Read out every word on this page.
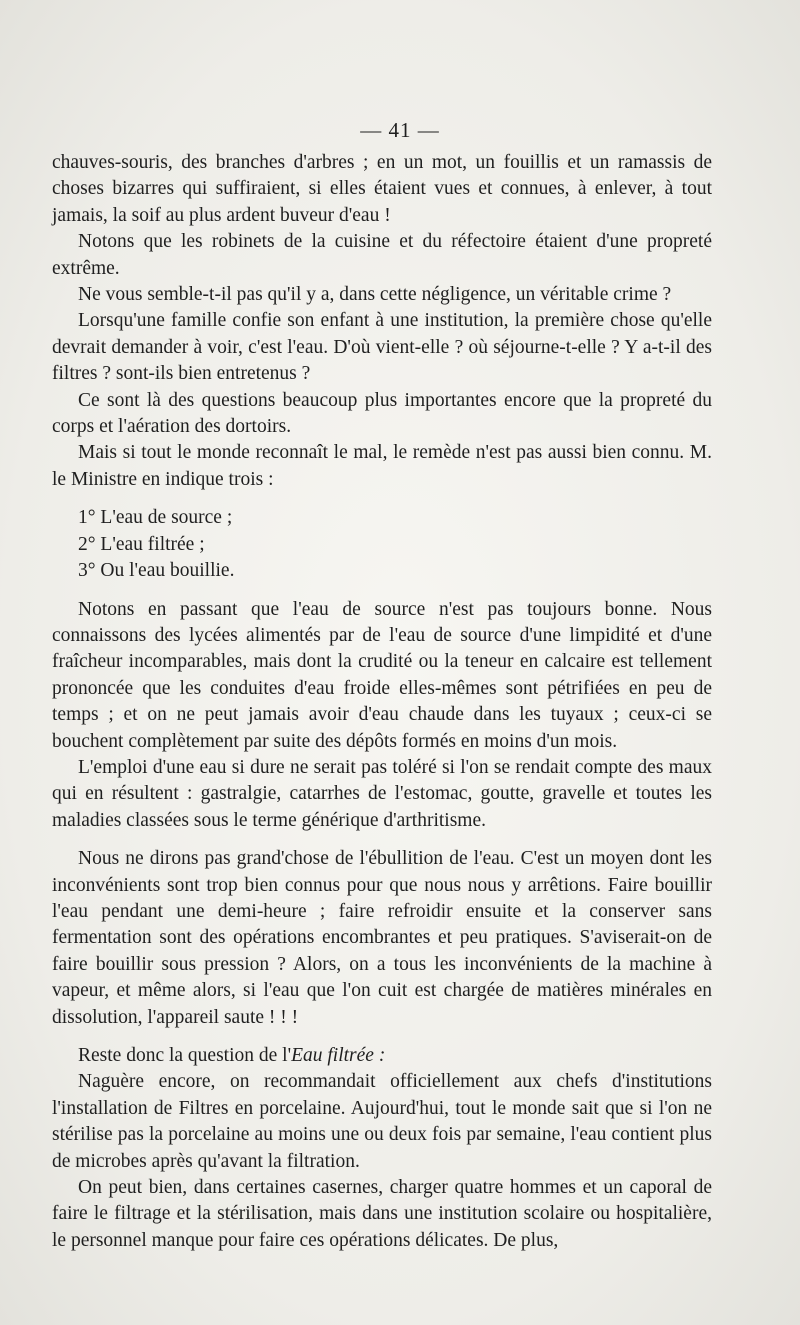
— 41 —

chauves-souris, des branches d'arbres ; en un mot, un fouillis et un ramassis de choses bizarres qui suffiraient, si elles étaient vues et connues, à enlever, à tout jamais, la soif au plus ardent buveur d'eau !

Notons que les robinets de la cuisine et du réfectoire étaient d'une propreté extrême.

Ne vous semble-t-il pas qu'il y a, dans cette négligence, un véritable crime ?

Lorsqu'une famille confie son enfant à une institution, la première chose qu'elle devrait demander à voir, c'est l'eau. D'où vient-elle ? où séjourne-t-elle ? Y a-t-il des filtres ? sont-ils bien entretenus ?

Ce sont là des questions beaucoup plus importantes encore que la propreté du corps et l'aération des dortoirs.

Mais si tout le monde reconnaît le mal, le remède n'est pas aussi bien connu. M. le Ministre en indique trois :

1° L'eau de source ;

2° L'eau filtrée ;

3° Ou l'eau bouillie.

Notons en passant que l'eau de source n'est pas toujours bonne. Nous connaissons des lycées alimentés par de l'eau de source d'une limpidité et d'une fraîcheur incomparables, mais dont la crudité ou la teneur en calcaire est tellement prononcée que les conduites d'eau froide elles-mêmes sont pétrifiées en peu de temps ; et on ne peut jamais avoir d'eau chaude dans les tuyaux ; ceux-ci se bouchent complètement par suite des dépôts formés en moins d'un mois.

L'emploi d'une eau si dure ne serait pas toléré si l'on se rendait compte des maux qui en résultent : gastralgie, catarrhes de l'estomac, goutte, gravelle et toutes les maladies classées sous le terme générique d'arthritisme.

Nous ne dirons pas grand'chose de l'ébullition de l'eau. C'est un moyen dont les inconvénients sont trop bien connus pour que nous nous y arrêtions. Faire bouillir l'eau pendant une demi-heure ; faire refroidir ensuite et la conserver sans fermentation sont des opérations encombrantes et peu pratiques. S'aviserait-on de faire bouillir sous pression ? Alors, on a tous les inconvénients de la machine à vapeur, et même alors, si l'eau que l'on cuit est chargée de matières minérales en dissolution, l'appareil saute ! ! !

Reste donc la question de l'Eau filtrée :

Naguère encore, on recommandait officiellement aux chefs d'institutions l'installation de Filtres en porcelaine. Aujourd'hui, tout le monde sait que si l'on ne stérilise pas la porcelaine au moins une ou deux fois par semaine, l'eau contient plus de microbes après qu'avant la filtration.

On peut bien, dans certaines casernes, charger quatre hommes et un caporal de faire le filtrage et la stérilisation, mais dans une institution scolaire ou hospitalière, le personnel manque pour faire ces opérations délicates. De plus,
